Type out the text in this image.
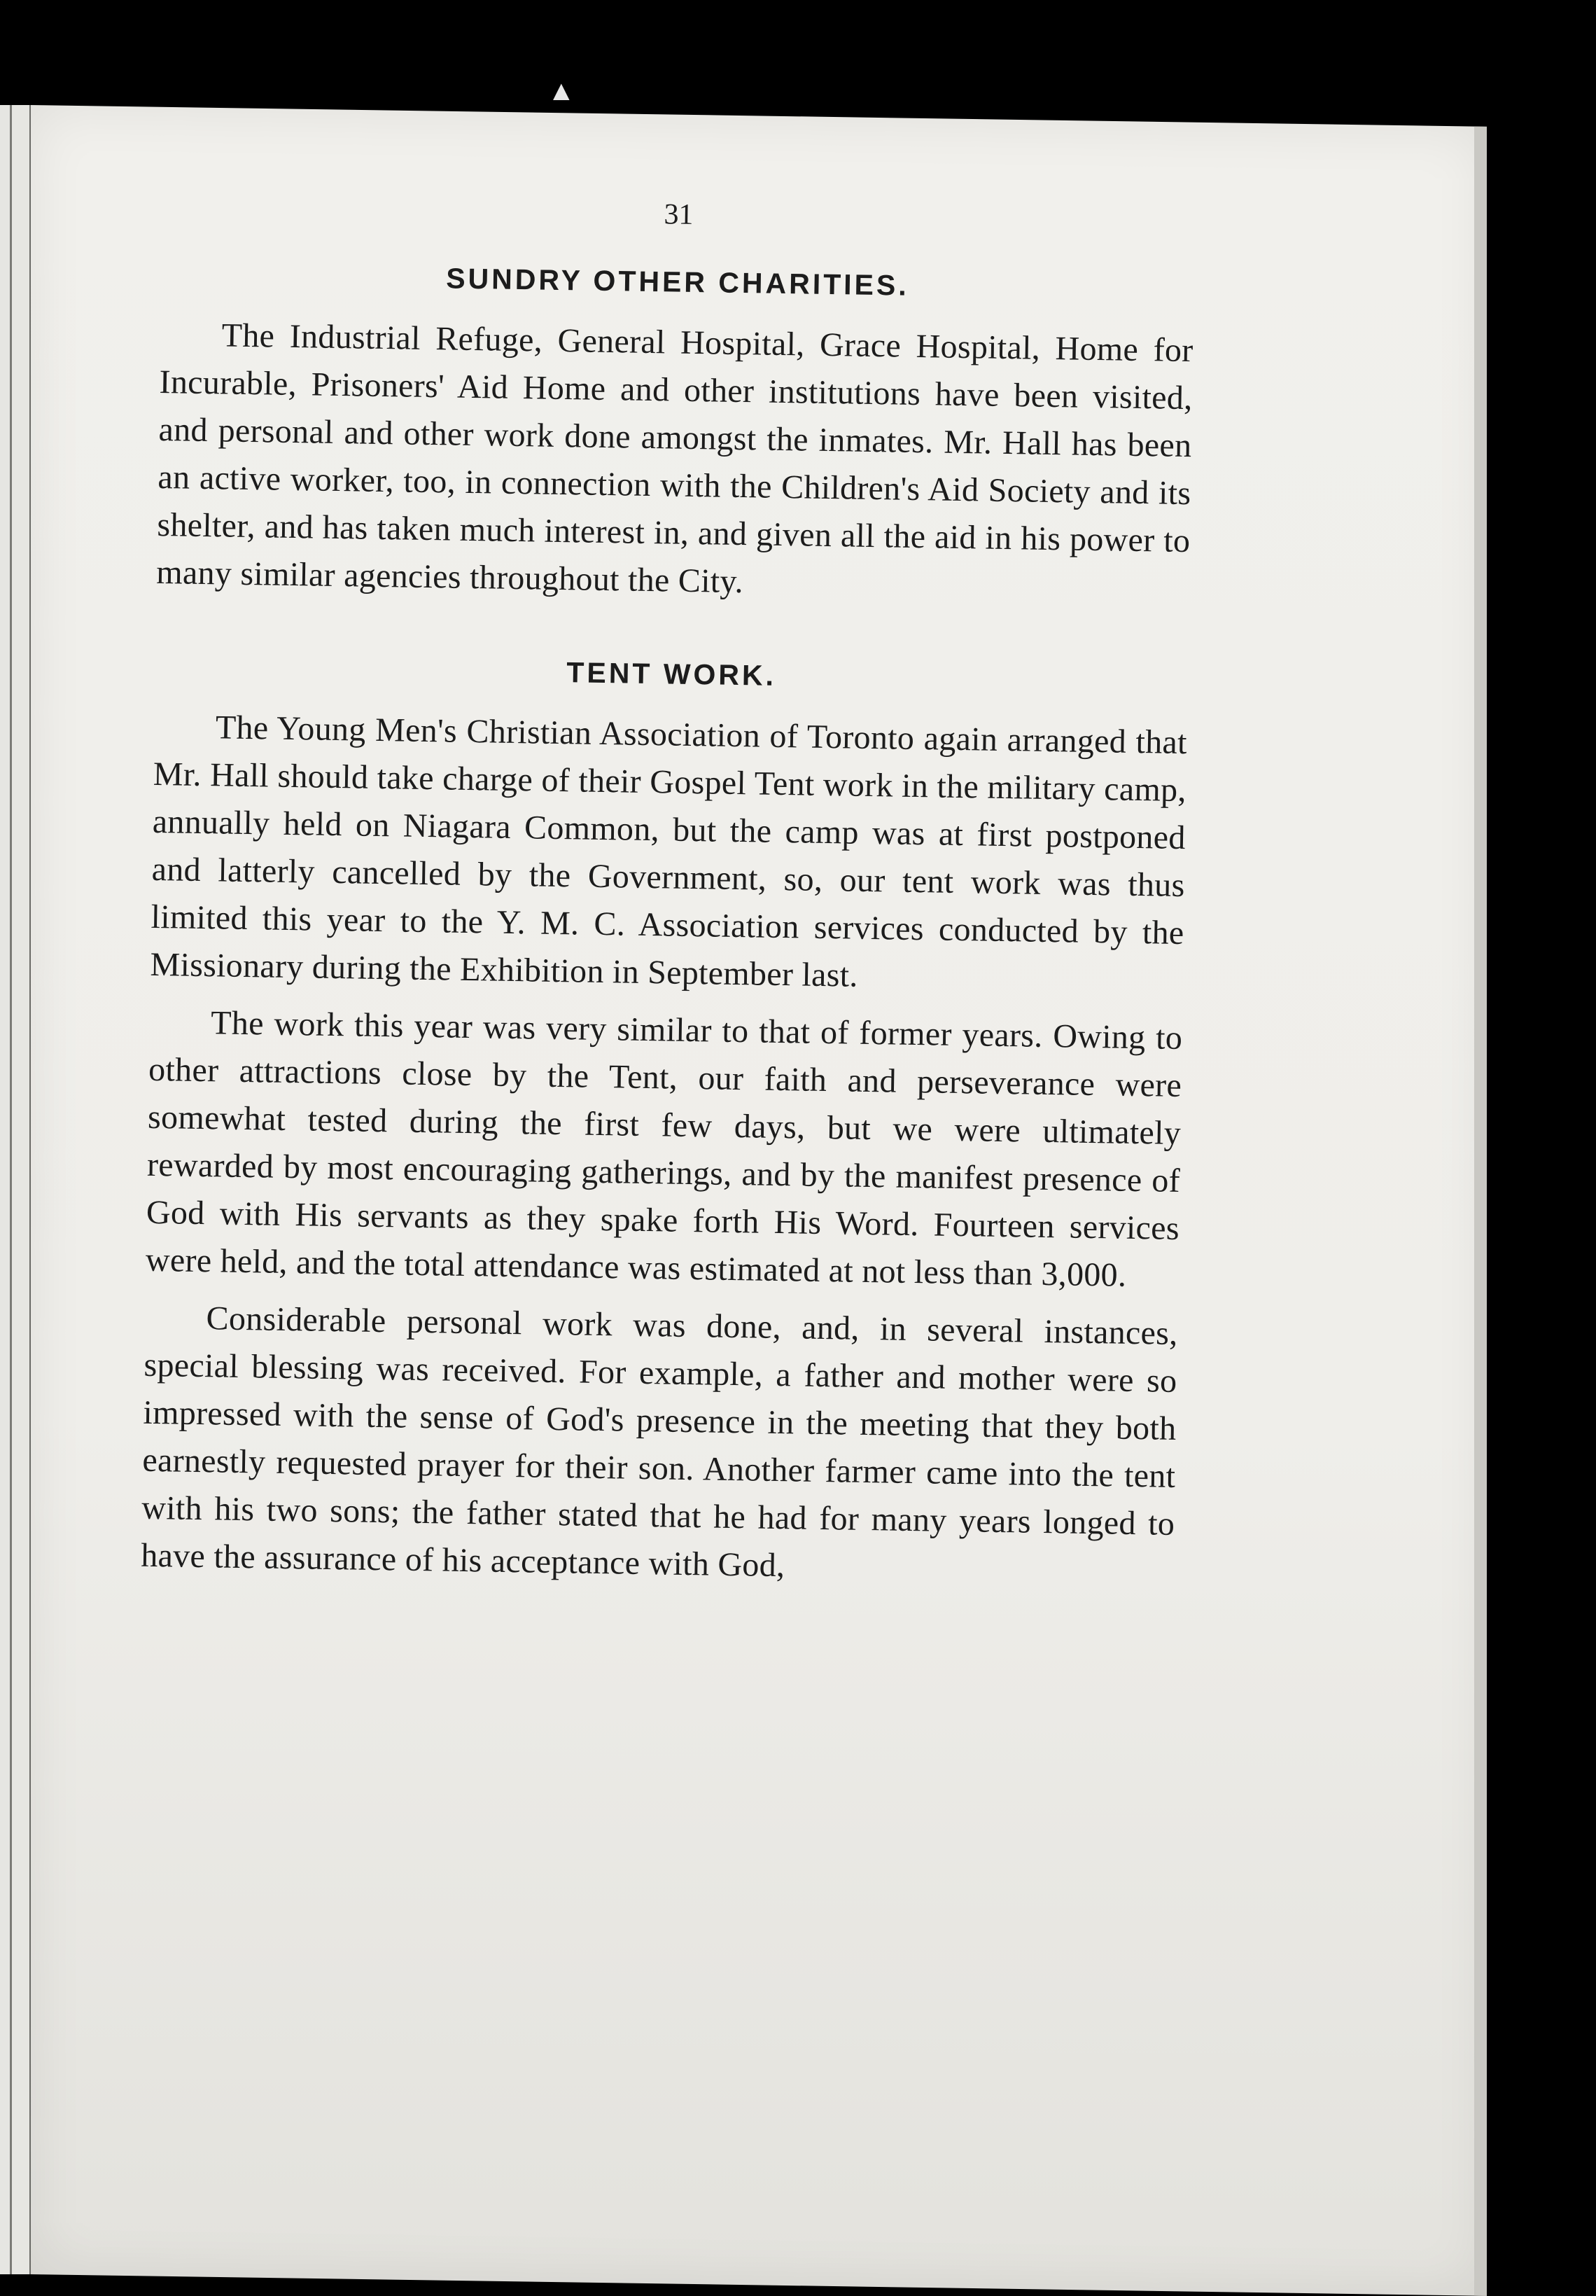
▲
31
SUNDRY OTHER CHARITIES.

The Industrial Refuge, General Hospital, Grace Hospital, Home for Incurable, Prisoners' Aid Home and other institutions have been visited, and personal and other work done amongst the inmates. Mr. Hall has been an active worker, too, in connection with the Children's Aid Society and its shelter, and has taken much interest in, and given all the aid in his power to many similar agencies throughout the City.

TENT WORK.

The Young Men's Christian Association of Toronto again arranged that Mr. Hall should take charge of their Gospel Tent work in the military camp, annually held on Niagara Common, but the camp was at first postponed and latterly cancelled by the Government, so, our tent work was thus limited this year to the Y. M. C. Association services conducted by the Missionary during the Exhibition in September last.

The work this year was very similar to that of former years. Owing to other attractions close by the Tent, our faith and perseverance were somewhat tested during the first few days, but we were ultimately rewarded by most encouraging gatherings, and by the manifest presence of God with His servants as they spake forth His Word. Fourteen services were held, and the total attendance was estimated at not less than 3,000.

Considerable personal work was done, and, in several instances, special blessing was received. For example, a father and mother were so impressed with the sense of God's presence in the meeting that they both earnestly requested prayer for their son. Another farmer came into the tent with his two sons; the father stated that he had for many years longed to have the assurance of his acceptance with God,
